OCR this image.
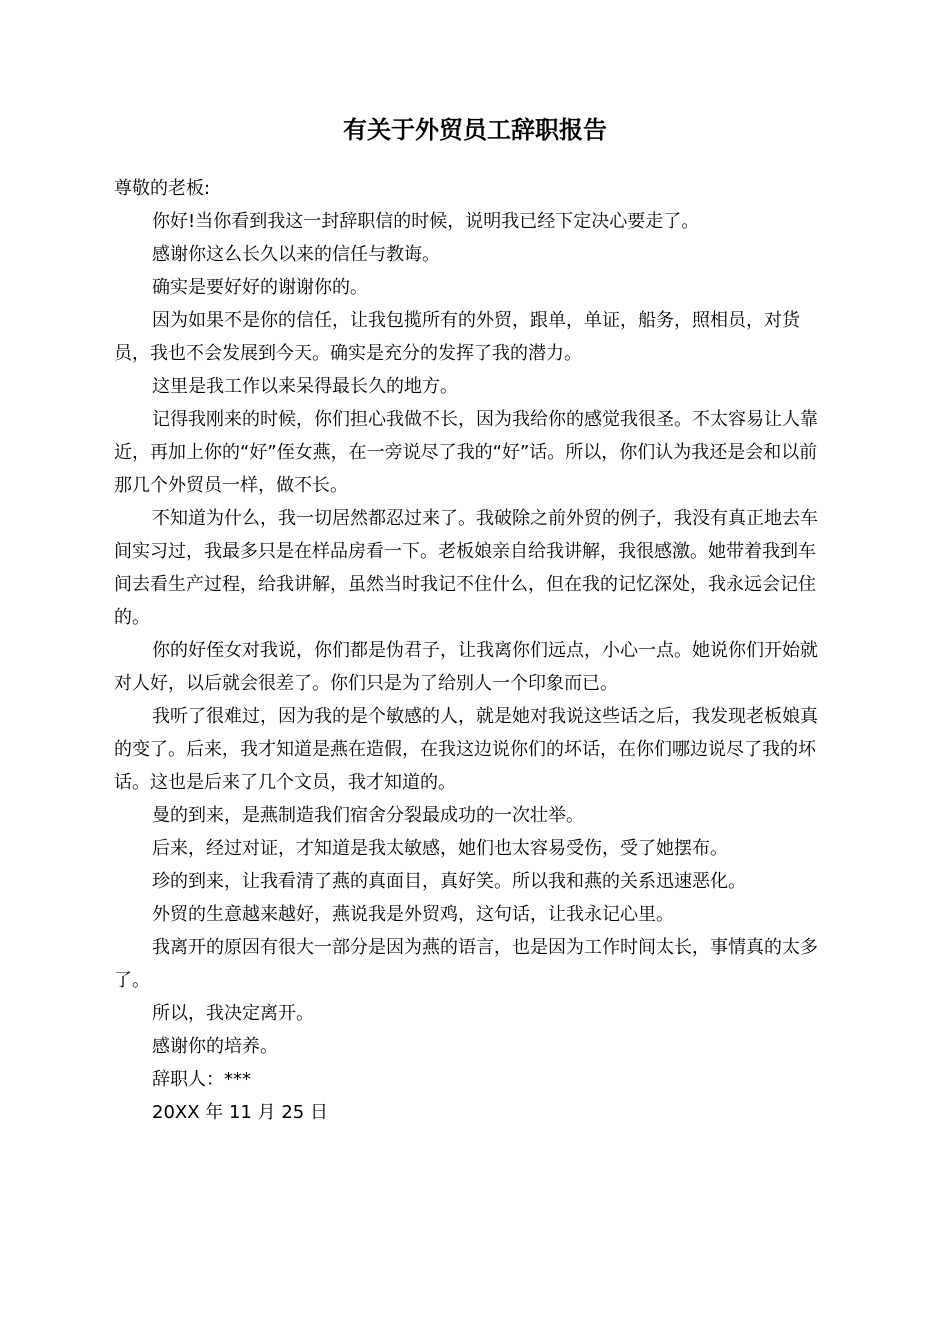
有关于外贸员工辞职报告

尊敬的老板:

你好!当你看到我这一封辞职信的时候，说明我已经下定决心要走了。

感谢你这么长久以来的信任与教诲。

确实是要好好的谢谢你的。

因为如果不是你的信任，让我包揽所有的外贸，跟单，单证，船务，照相员，对货员，我也不会发展到今天。确实是充分的发挥了我的潜力。

这里是我工作以来呆得最长久的地方。

记得我刚来的时候，你们担心我做不长，因为我给你的感觉我很圣。不太容易让人靠近，再加上你的“好”侄女燕，在一旁说尽了我的“好”话。所以，你们认为我还是会和以前那几个外贸员一样，做不长。

不知道为什么，我一切居然都忍过来了。我破除之前外贸的例子，我没有真正地去车间实习过，我最多只是在样品房看一下。老板娘亲自给我讲解，我很感激。她带着我到车间去看生产过程，给我讲解，虽然当时我记不住什么，但在我的记忆深处，我永远会记住的。

你的好侄女对我说，你们都是伪君子，让我离你们远点，小心一点。她说你们开始就对人好，以后就会很差了。你们只是为了给别人一个印象而已。

我听了很难过，因为我的是个敏感的人，就是她对我说这些话之后，我发现老板娘真的变了。后来，我才知道是燕在造假，在我这边说你们的坏话，在你们哪边说尽了我的坏话。这也是后来了几个文员，我才知道的。

曼的到来，是燕制造我们宿舍分裂最成功的一次壮举。

后来，经过对证，才知道是我太敏感，她们也太容易受伤，受了她摆布。

珍的到来，让我看清了燕的真面目，真好笑。所以我和燕的关系迅速恶化。

外贸的生意越来越好，燕说我是外贸鸡，这句话，让我永记心里。

我离开的原因有很大一部分是因为燕的语言，也是因为工作时间太长，事情真的太多了。

所以，我决定离开。

感谢你的培养。

辞职人：***

20XX 年 11 月 25 日
